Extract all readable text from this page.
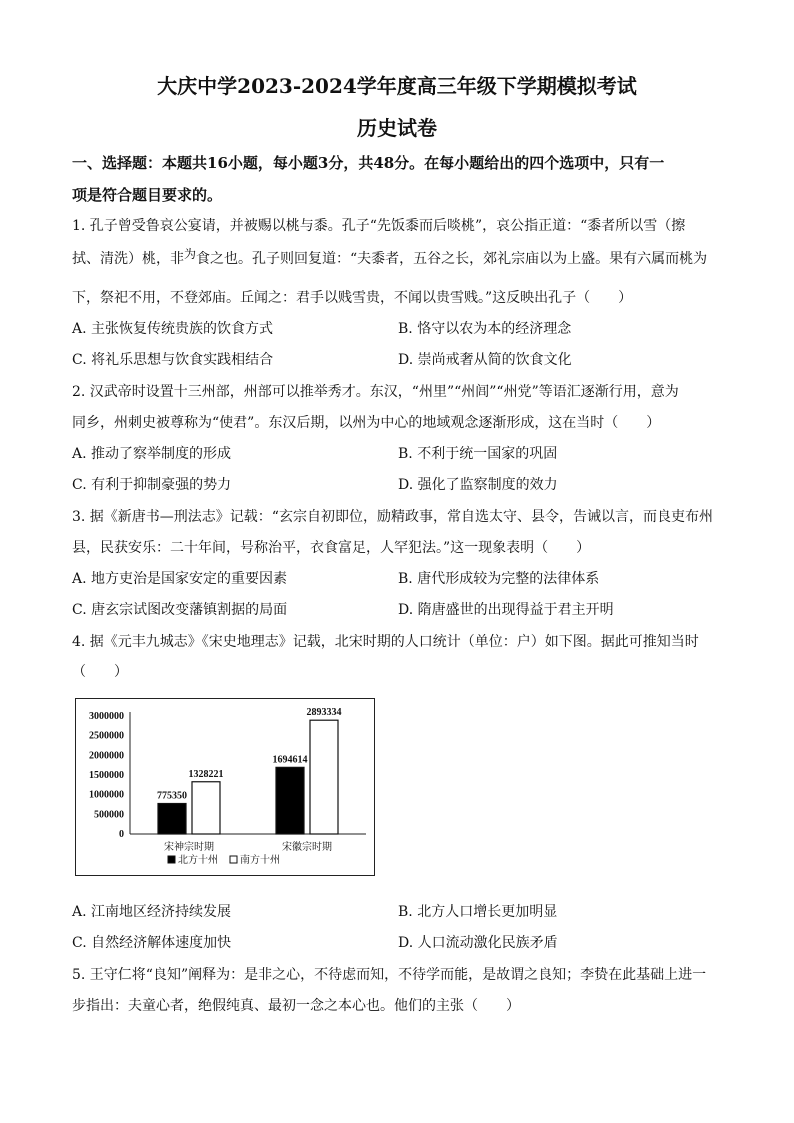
大庆中学2023-2024学年度高三年级下学期模拟考试
历史试卷
一、选择题：本题共16小题，每小题3分，共48分。在每小题给出的四个选项中，只有一
项是符合题目要求的。
1. 孔子曾受鲁哀公宴请，并被赐以桃与黍。孔子“先饭黍而后啖桃”，哀公指正道：“黍者所以雪（擦
拭、清洗）桃，非为食之也。孔子则回复道：“夫黍者，五谷之长，郊礼宗庙以为上盛。果有六属而桃为
下，祭祀不用，不登郊庙。丘闻之：君手以贱雪贵，不闻以贵雪贱。”这反映出孔子（　　）
A. 主张恢复传统贵族的饮食方式	B. 恪守以农为本的经济理念
C. 将礼乐思想与饮食实践相结合	D. 崇尚戒奢从简的饮食文化
2. 汉武帝时设置十三州部，州部可以推举秀才。东汉，“州里”“州闾”“州党”等语汇逐渐行用，意为
同乡，州刺史被尊称为“使君”。东汉后期，以州为中心的地域观念逐渐形成，这在当时（　　）
A. 推动了察举制度的形成	B. 不利于统一国家的巩固
C. 有利于抑制豪强的势力	D. 强化了监察制度的效力
3. 据《新唐书—刑法志》记载：“玄宗自初即位，励精政事，常自选太守、县令，告诫以言，而良吏布州
县，民获安乐：二十年间，号称治平，衣食富足，人罕犯法。”这一现象表明（　　）
A. 地方吏治是国家安定的重要因素	B. 唐代形成较为完整的法律体系
C. 唐玄宗试图改变藩镇割据的局面	D. 隋唐盛世的出现得益于君主开明
4. 据《元丰九城志》《宋史地理志》记载，北宋时期的人口统计（单位：户）如下图。据此可推知当时
（　　）
3000000
2500000
2000000
1500000
1000000
500000
0
775350
1328221
宋神宗时期
1694614
2893334
宋徽宗时期
北方十州 南方十州
A. 江南地区经济持续发展	B. 北方人口增长更加明显
C. 自然经济解体速度加快	D. 人口流动激化民族矛盾
5. 王守仁将“良知”阐释为：是非之心，不待虑而知，不待学而能，是故谓之良知；李贽在此基础上进一
步指出：夫童心者，绝假纯真、最初一念之本心也。他们的主张（　　）
